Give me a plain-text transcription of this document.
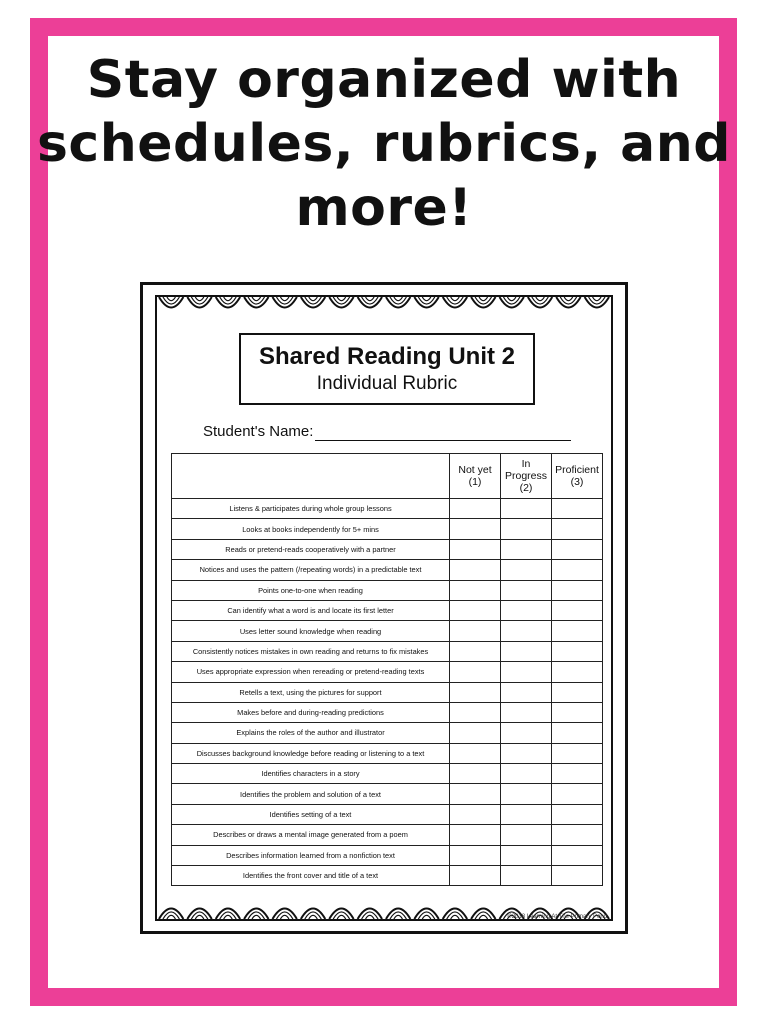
Stay organized with
schedules, rubrics, and
more!
Shared Reading Unit 2
Individual Rubric
Student's Name:

	Not yet
(1)	In
Progress
(2)	Proficient
(3)

Listens & participates during whole group lessons			
Looks at books independently for 5+ mins			
Reads or pretend-reads cooperatively with a partner			
Notices and uses the pattern (/repeating words) in a predictable text			
Points one-to-one when reading			
Can identify what a word is and locate its first letter			
Uses letter sound knowledge when reading			
Consistently notices mistakes in own reading and returns to fix mistakes			
Uses appropriate expression when rereading or pretend-reading texts			
Retells a text, using the pictures for support			
Makes before and during-reading predictions			
Explains the roles of the author and illustrator			
Discusses background knowledge before reading or listening to a text			
Identifies characters in a story			
Identifies the problem and solution of a text			
Identifies setting of a text			
Describes or draws a mental image generated from a poem			
Describes information learned from a nonfiction text			
Identifies the front cover and title of a text			
©2018 Learning At The Primary Pond
